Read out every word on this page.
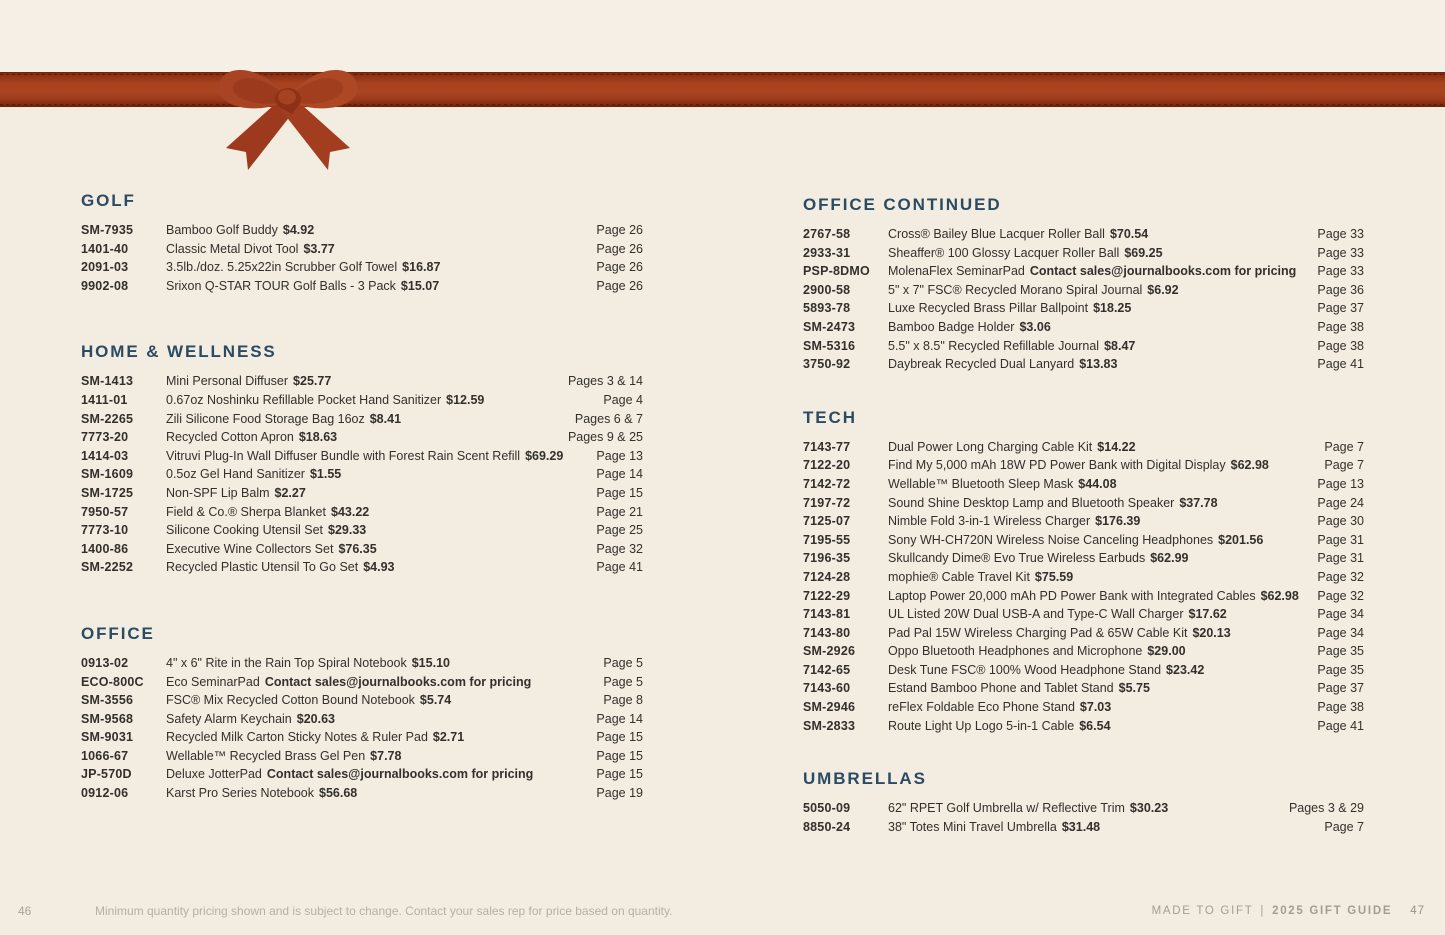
GOLF
SM-7935	Bamboo Golf Buddy $4.92	Page 26
1401-40	Classic Metal Divot Tool $3.77	Page 26
2091-03	3.5lb./doz. 5.25x22in Scrubber Golf Towel $16.87	Page 26
9902-08	Srixon Q-STAR TOUR Golf Balls - 3 Pack $15.07	Page 26
HOME & WELLNESS
SM-1413	Mini Personal Diffuser $25.77	Pages 3 & 14
1411-01	0.67oz Noshinku Refillable Pocket Hand Sanitizer $12.59	Page 4
SM-2265	Zili Silicone Food Storage Bag 16oz $8.41	Pages 6 & 7
7773-20	Recycled Cotton Apron $18.63	Pages 9 & 25
1414-03	Vitruvi Plug-In Wall Diffuser Bundle with Forest Rain Scent Refill $69.29	Page 13
SM-1609	0.5oz Gel Hand Sanitizer $1.55	Page 14
SM-1725	Non-SPF Lip Balm $2.27	Page 15
7950-57	Field & Co.® Sherpa Blanket $43.22	Page 21
7773-10	Silicone Cooking Utensil Set $29.33	Page 25
1400-86	Executive Wine Collectors Set $76.35	Page 32
SM-2252	Recycled Plastic Utensil To Go Set $4.93	Page 41
OFFICE
0913-02	4" x 6" Rite in the Rain Top Spiral Notebook $15.10	Page 5
ECO-800C	Eco SeminarPad Contact sales@journalbooks.com for pricing	Page 5
SM-3556	FSC® Mix Recycled Cotton Bound Notebook $5.74	Page 8
SM-9568	Safety Alarm Keychain $20.63	Page 14
SM-9031	Recycled Milk Carton Sticky Notes & Ruler Pad $2.71	Page 15
1066-67	Wellable™ Recycled Brass Gel Pen $7.78	Page 15
JP-570D	Deluxe JotterPad Contact sales@journalbooks.com for pricing	Page 15
0912-06	Karst Pro Series Notebook $56.68	Page 19
OFFICE CONTINUED
2767-58	Cross® Bailey Blue Lacquer Roller Ball $70.54	Page 33
2933-31	Sheaffer® 100 Glossy Lacquer Roller Ball $69.25	Page 33
PSP-8DMO	MolenaFlex SeminarPad Contact sales@journalbooks.com for pricing	Page 33
2900-58	5" x 7" FSC® Recycled Morano Spiral Journal $6.92	Page 36
5893-78	Luxe Recycled Brass Pillar Ballpoint $18.25	Page 37
SM-2473	Bamboo Badge Holder $3.06	Page 38
SM-5316	5.5" x 8.5" Recycled Refillable Journal $8.47	Page 38
3750-92	Daybreak Recycled Dual Lanyard $13.83	Page 41
TECH
7143-77	Dual Power Long Charging Cable Kit $14.22	Page 7
7122-20	Find My 5,000 mAh 18W PD Power Bank with Digital Display $62.98	Page 7
7142-72	Wellable™ Bluetooth Sleep Mask $44.08	Page 13
7197-72	Sound Shine Desktop Lamp and Bluetooth Speaker $37.78	Page 24
7125-07	Nimble Fold 3-in-1 Wireless Charger $176.39	Page 30
7195-55	Sony WH-CH720N Wireless Noise Canceling Headphones $201.56	Page 31
7196-35	Skullcandy Dime® Evo True Wireless Earbuds $62.99	Page 31
7124-28	mophie® Cable Travel Kit $75.59	Page 32
7122-29	Laptop Power 20,000 mAh PD Power Bank with Integrated Cables $62.98	Page 32
7143-81	UL Listed 20W Dual USB-A and Type-C Wall Charger $17.62	Page 34
7143-80	Pad Pal 15W Wireless Charging Pad & 65W Cable Kit $20.13	Page 34
SM-2926	Oppo Bluetooth Headphones and Microphone $29.00	Page 35
7142-65	Desk Tune FSC® 100% Wood Headphone Stand $23.42	Page 35
7143-60	Estand Bamboo Phone and Tablet Stand $5.75	Page 37
SM-2946	reFlex Foldable Eco Phone Stand $7.03	Page 38
SM-2833	Route Light Up Logo 5-in-1 Cable $6.54	Page 41
UMBRELLAS
5050-09	62" RPET Golf Umbrella w/ Reflective Trim $30.23	Pages 3 & 29
8850-24	38" Totes Mini Travel Umbrella $31.48	Page 7
46	Minimum quantity pricing shown and is subject to change. Contact your sales rep for price based on quantity.	MADE TO GIFT | 2025 GIFT GUIDE 47
